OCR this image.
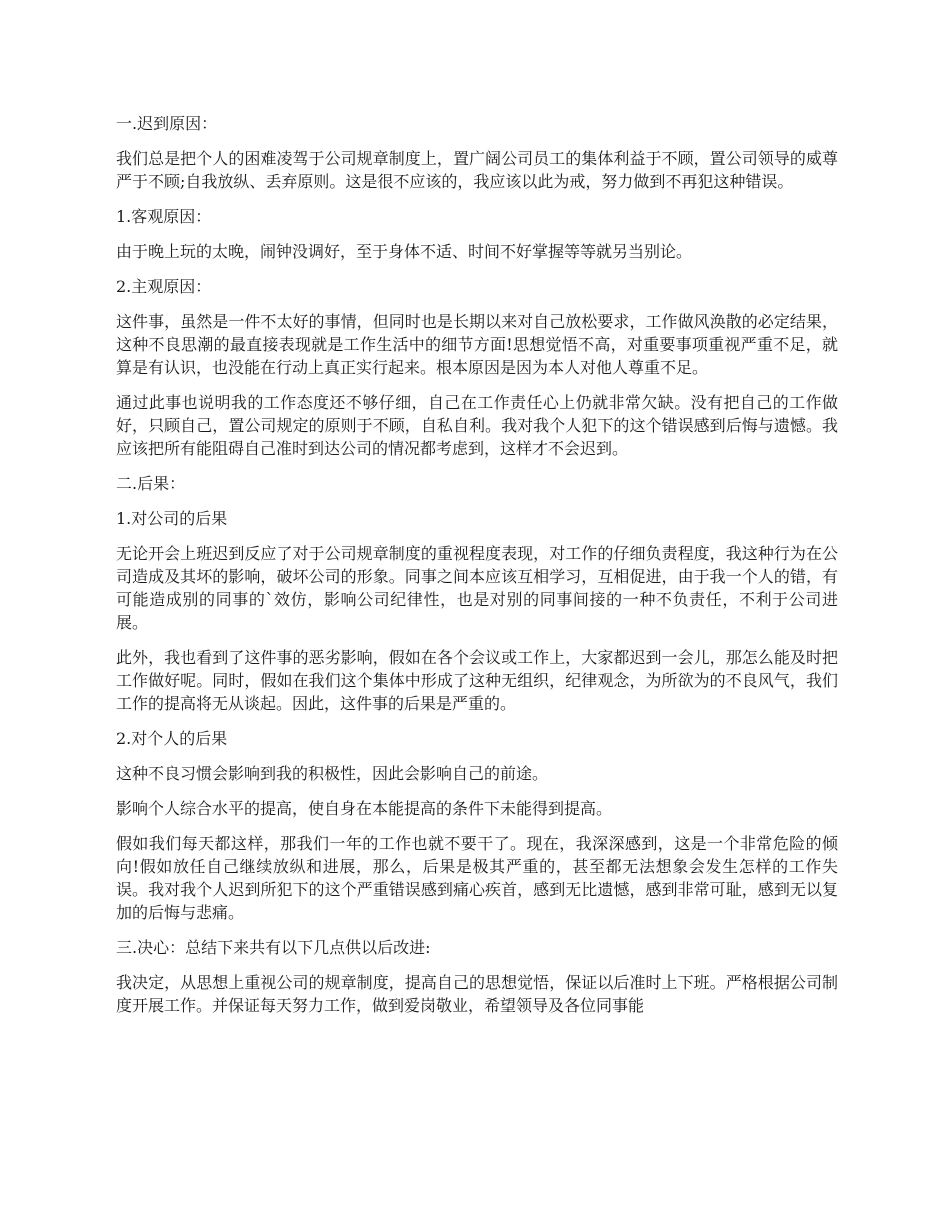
一.迟到原因：

我们总是把个人的困难凌驾于公司规章制度上，置广阔公司员工的集体利益于不顾，置公司领导的威尊严于不顾;自我放纵、丢弃原则。这是很不应该的，我应该以此为戒，努力做到不再犯这种错误。

1.客观原因：

由于晚上玩的太晚，闹钟没调好，至于身体不适、时间不好掌握等等就另当别论。

2.主观原因：

这件事，虽然是一件不太好的事情，但同时也是长期以来对自己放松要求，工作做风涣散的必定结果，这种不良思潮的最直接表现就是工作生活中的细节方面!思想觉悟不高，对重要事项重视严重不足，就算是有认识，也没能在行动上真正实行起来。根本原因是因为本人对他人尊重不足。

通过此事也说明我的工作态度还不够仔细，自己在工作责任心上仍就非常欠缺。没有把自己的工作做好，只顾自己，置公司规定的原则于不顾，自私自利。我对我个人犯下的这个错误感到后悔与遗憾。我应该把所有能阻碍自己准时到达公司的情况都考虑到，这样才不会迟到。

二.后果：

1.对公司的后果

无论开会上班迟到反应了对于公司规章制度的重视程度表现，对工作的仔细负责程度，我这种行为在公司造成及其坏的影响，破坏公司的形象。同事之间本应该互相学习，互相促进，由于我一个人的错，有可能造成别的同事的`效仿，影响公司纪律性，也是对别的同事间接的一种不负责任，不利于公司进展。

此外，我也看到了这件事的恶劣影响，假如在各个会议或工作上，大家都迟到一会儿，那怎么能及时把工作做好呢。同时，假如在我们这个集体中形成了这种无组织，纪律观念，为所欲为的不良风气，我们工作的提高将无从谈起。因此，这件事的后果是严重的。

2.对个人的后果

这种不良习惯会影响到我的积极性，因此会影响自己的前途。

影响个人综合水平的提高，使自身在本能提高的条件下未能得到提高。

假如我们每天都这样，那我们一年的工作也就不要干了。现在，我深深感到，这是一个非常危险的倾向!假如放任自己继续放纵和进展，那么，后果是极其严重的，甚至都无法想象会发生怎样的工作失误。我对我个人迟到所犯下的这个严重错误感到痛心疾首，感到无比遗憾，感到非常可耻，感到无以复加的后悔与悲痛。

三.决心：总结下来共有以下几点供以后改进:

我决定，从思想上重视公司的规章制度，提高自己的思想觉悟，保证以后准时上下班。严格根据公司制度开展工作。并保证每天努力工作，做到爱岗敬业，希望领导及各位同事能
